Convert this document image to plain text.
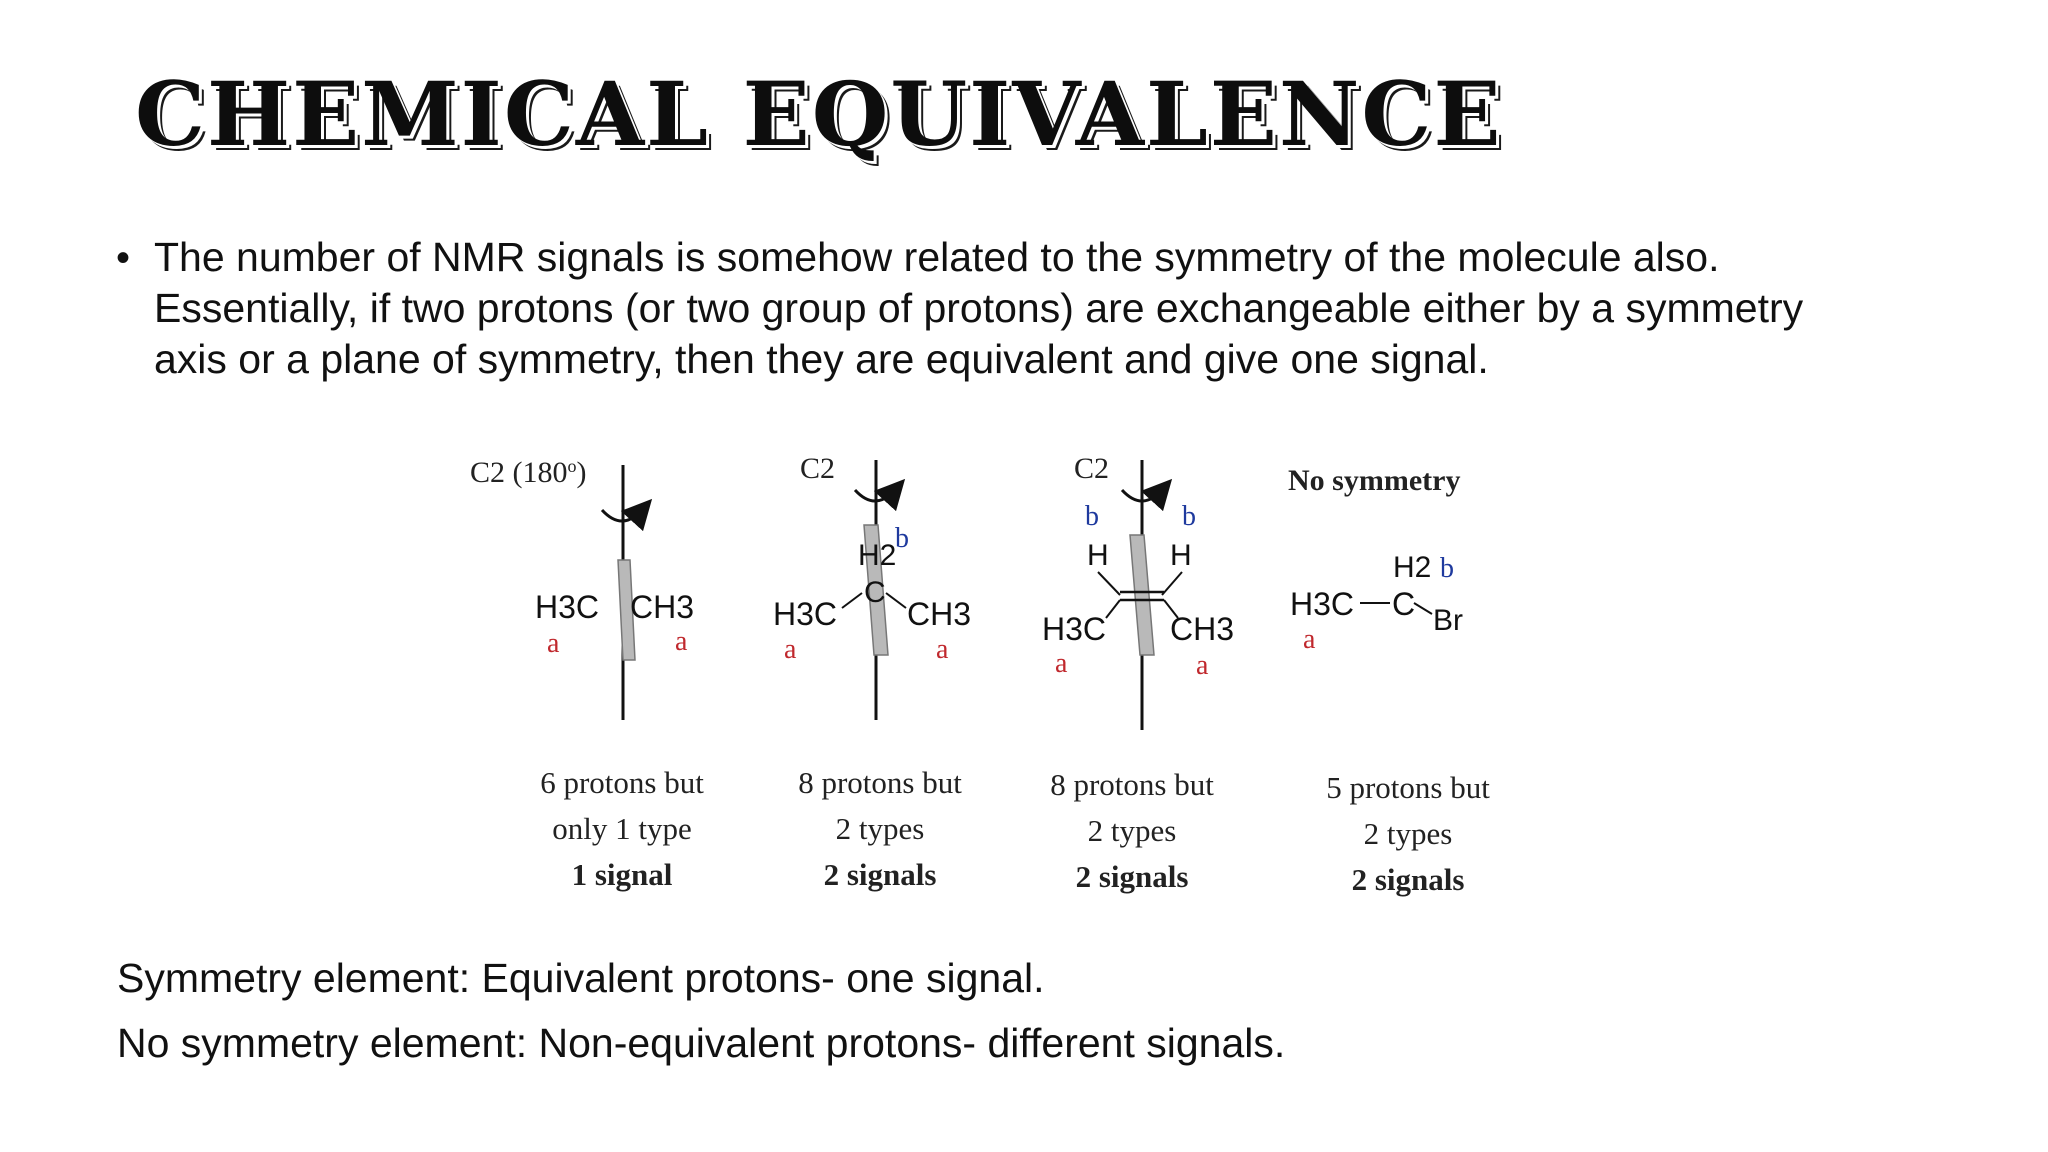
CHEMICAL EQUIVALENCE
• The number of NMR signals is somehow related to the symmetry of the molecule also. Essentially, if two protons (or two group of protons) are exchangeable either by a symmetry axis or a plane of symmetry, then they are equivalent and give one signal.
C2 (180$^o$)
H3C CH3
a	a
C2
H2
b
C
H3C CH3
a	a
C2
b	b
H H
H3C CH3
a	a
No symmetry
H2 b
H3C C Br
a
6 protons but
only 1 type
1 signal
8 protons but
2 types
2 signals
8 protons but
2 types
2 signals
5 protons but
2 types
2 signals
Symmetry element: Equivalent protons- one signal.
No symmetry element: Non-equivalent protons- different signals.
